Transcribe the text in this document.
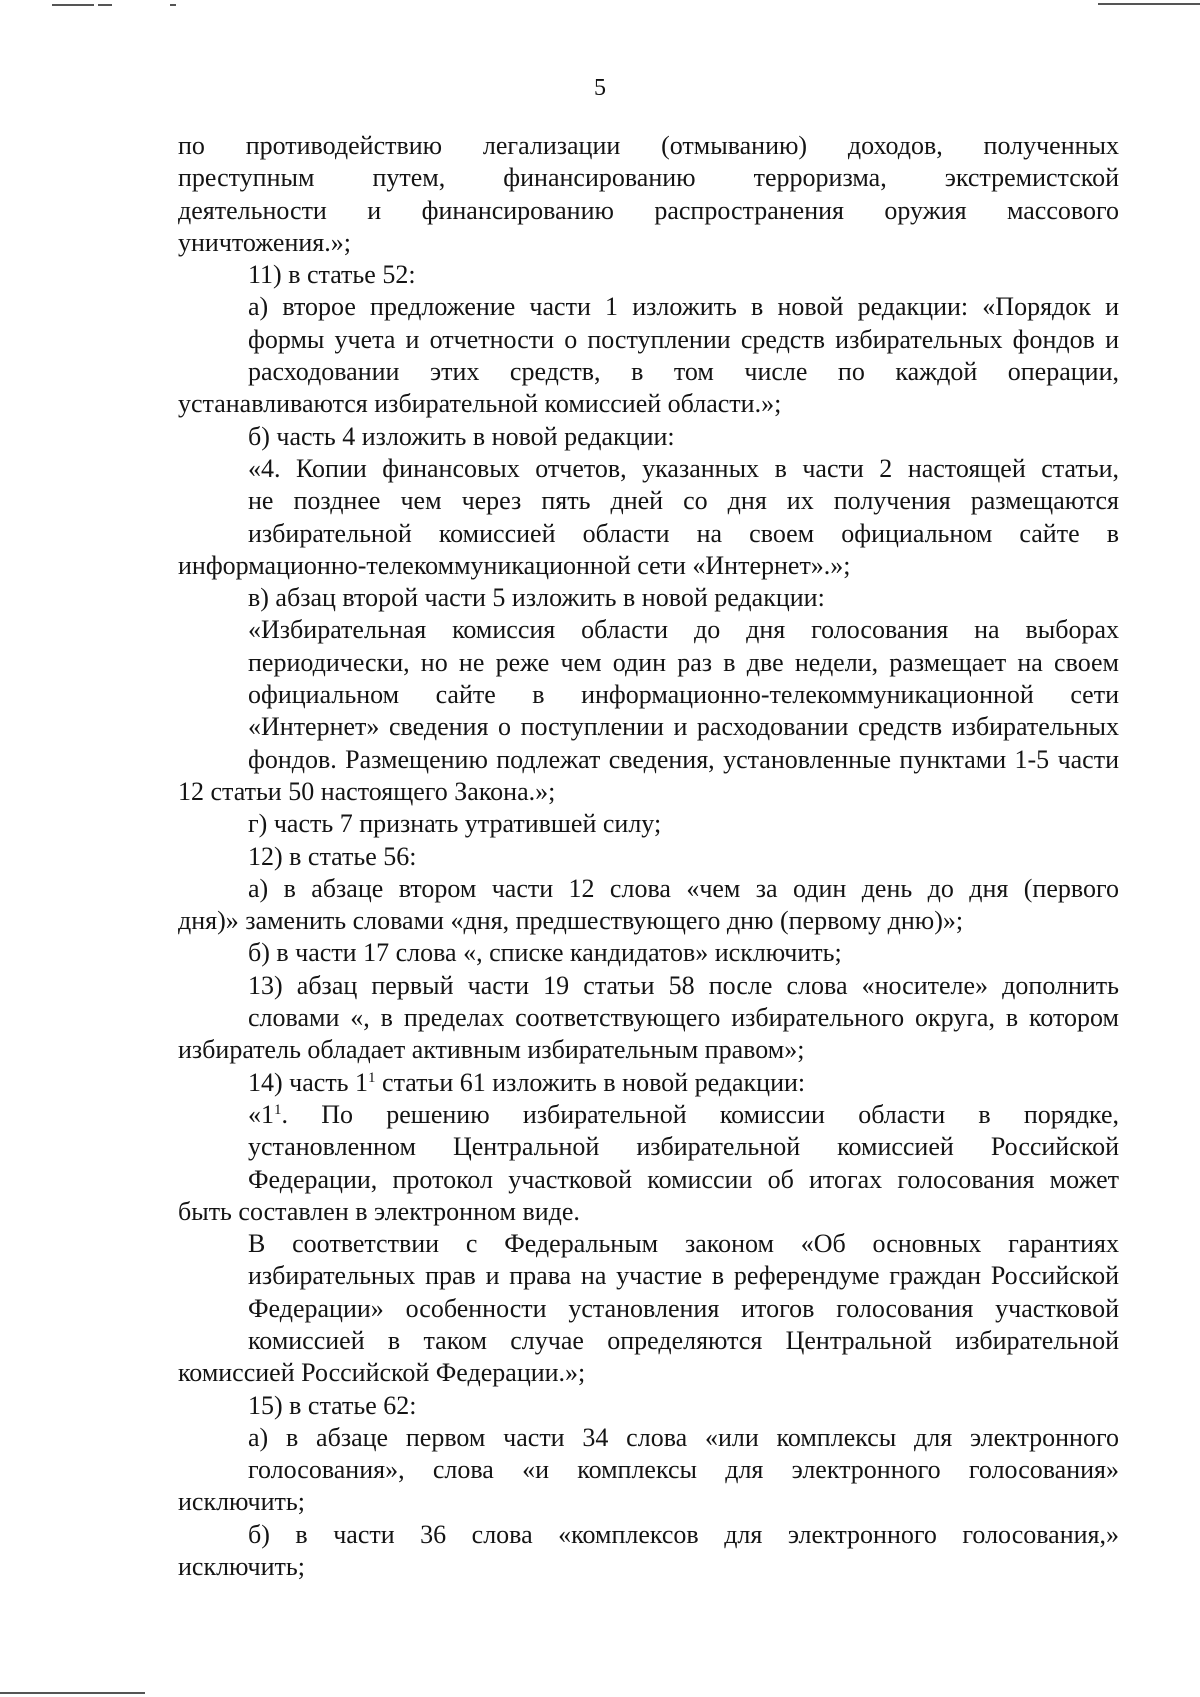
5

по противодействию легализации (отмыванию) доходов, полученных
преступным путем, финансированию терроризма, экстремистской
деятельности и финансированию распространения оружия массового
уничтожения.»;

11) в статье 52:

а) второе предложение части 1 изложить в новой редакции: «Порядок и
формы учета и отчетности о поступлении средств избирательных фондов и
расходовании этих средств, в том числе по каждой операции,
устанавливаются избирательной комиссией области.»;

б) часть 4 изложить в новой редакции:

«4. Копии финансовых отчетов, указанных в части 2 настоящей статьи,
не позднее чем через пять дней со дня их получения размещаются
избирательной комиссией области на своем официальном сайте в
информационно-телекоммуникационной сети «Интернет».»;

в) абзац второй части 5 изложить в новой редакции:

«Избирательная комиссия области до дня голосования на выборах
периодически, но не реже чем один раз в две недели, размещает на своем
официальном сайте в информационно-телекоммуникационной сети
«Интернет» сведения о поступлении и расходовании средств избирательных
фондов. Размещению подлежат сведения, установленные пунктами 1-5 части
12 статьи 50 настоящего Закона.»;

г) часть 7 признать утратившей силу;

12) в статье 56:

а) в абзаце втором части 12 слова «чем за один день до дня (первого
дня)» заменить словами «дня, предшествующего дню (первому дню)»;

б) в части 17 слова «, списке кандидатов» исключить;

13) абзац первый части 19 статьи 58 после слова «носителе» дополнить
словами «, в пределах соответствующего избирательного округа, в котором
избиратель обладает активным избирательным правом»;

14) часть $1^1$ статьи 61 изложить в новой редакции:

«$1^1$. По решению избирательной комиссии области в порядке,
установленном Центральной избирательной комиссией Российской
Федерации, протокол участковой комиссии об итогах голосования может
быть составлен в электронном виде.

В соответствии с Федеральным законом «Об основных гарантиях
избирательных прав и права на участие в референдуме граждан Российской
Федерации» особенности установления итогов голосования участковой
комиссией в таком случае определяются Центральной избирательной
комиссией Российской Федерации.»;

15) в статье 62:

а) в абзаце первом части 34 слова «или комплексы для электронного
голосования», слова «и комплексы для электронного голосования»
исключить;

б) в части 36 слова «комплексов для электронного голосования,»
исключить;
